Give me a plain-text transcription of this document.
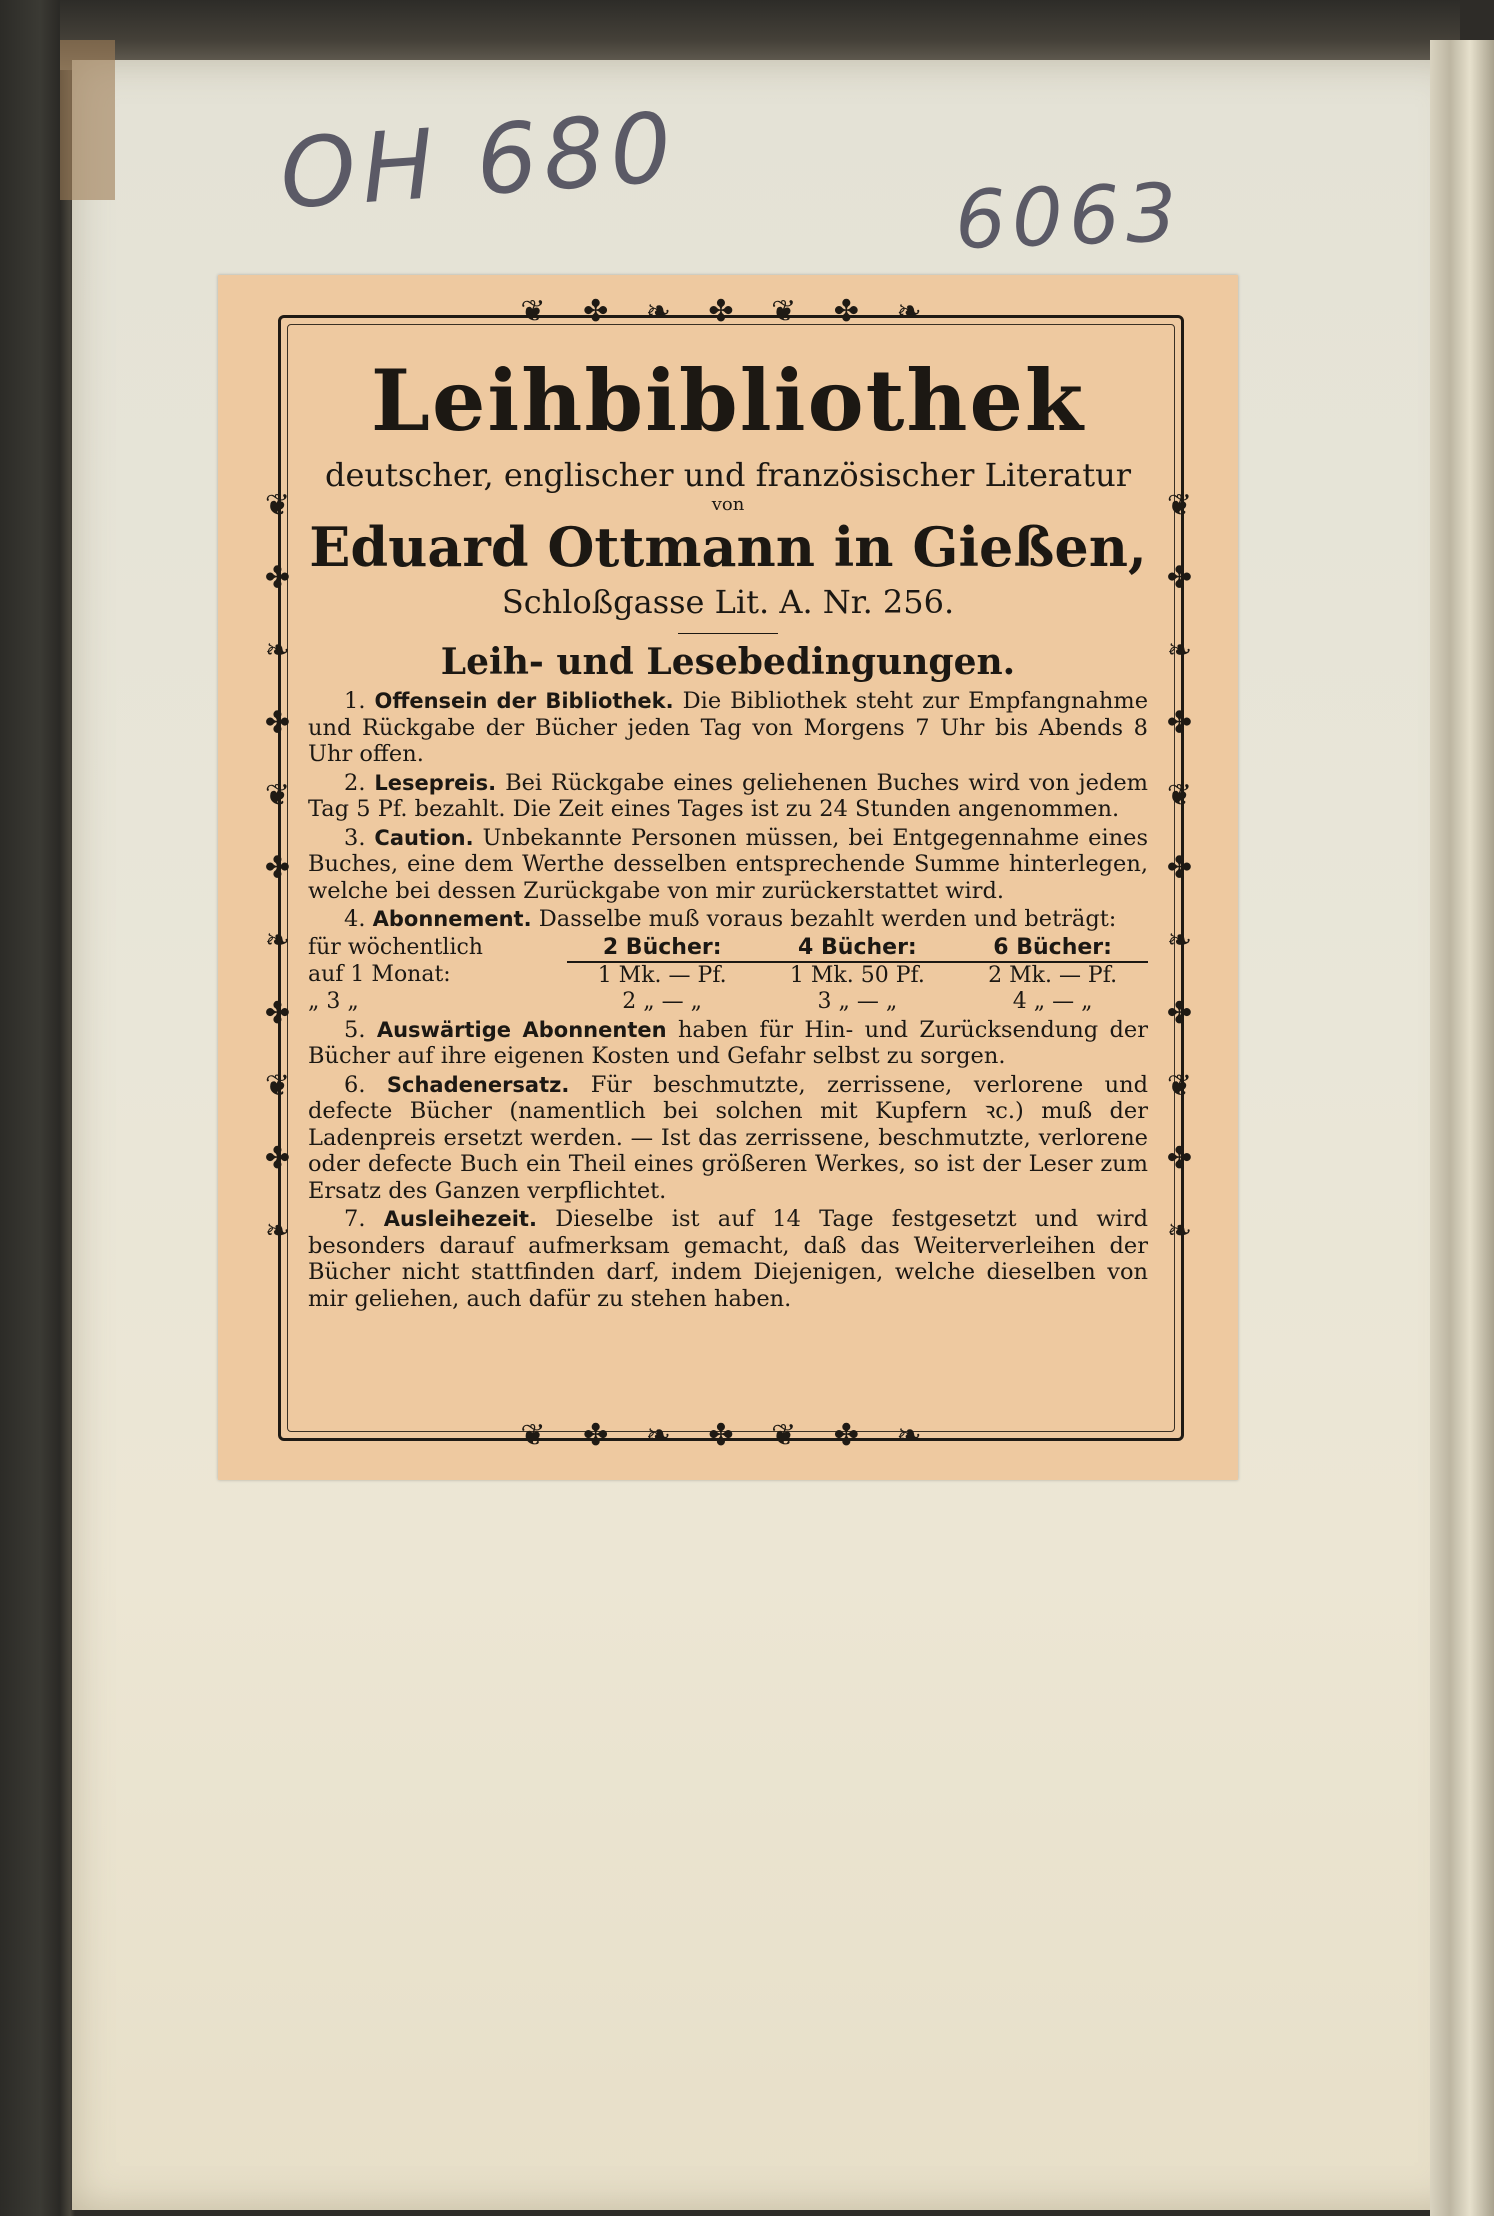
OH 680	6063
❦ ✤ ❧ ✤ ❦ ✤ ❧
❦ ✤ ❧ ✤ ❦ ✤ ❧
❦ ✤ ❧ ✤ ❦ ✤ ❧ ✤ ❦ ✤ ❧	❦ ✤ ❧ ✤ ❦ ✤ ❧ ✤ ❦ ✤ ❧
Leihbibliothek
deutscher, englischer und französischer Literatur
von
Eduard Ottmann in Gießen,
Schloßgasse Lit. A. Nr. 256.
Leih- und Lesebedingungen.

1. Offensein der Bibliothek. Die Bibliothek steht zur Empfangnahme und Rückgabe der Bücher jeden Tag von Morgens 7 Uhr bis Abends 8 Uhr offen.

2. Lesepreis. Bei Rückgabe eines geliehenen Buches wird von jedem Tag 5 Pf. bezahlt. Die Zeit eines Tages ist zu 24 Stunden angenommen.

3. Caution. Unbekannte Personen müssen, bei Entgegennahme eines Buches, eine dem Werthe desselben entsprechende Summe hinterlegen, welche bei dessen Zurückgabe von mir zurückerstattet wird.

4. Abonnement. Dasselbe muß voraus bezahlt werden und beträgt:

für wöchentlich	2 Bücher:	4 Bücher:	6 Bücher:
auf 1 Monat:	1 Mk. — Pf.	1 Mk. 50 Pf.	2 Mk. — Pf.
„ 3 „	2 „ — „	3 „ — „	4 „ — „

5. Auswärtige Abonnenten haben für Hin- und Zurücksendung der Bücher auf ihre eigenen Kosten und Gefahr selbst zu sorgen.

6. Schadenersatz. Für beschmutzte, zerrissene, verlorene und defecte Bücher (namentlich bei solchen mit Kupfern ꝛc.) muß der Ladenpreis ersetzt werden. — Ist das zerrissene, beschmutzte, verlorene oder defecte Buch ein Theil eines größeren Werkes, so ist der Leser zum Ersatz des Ganzen verpflichtet.

7. Ausleihezeit. Dieselbe ist auf 14 Tage festgesetzt und wird besonders darauf aufmerksam gemacht, daß das Weiterverleihen der Bücher nicht stattfinden darf, indem Diejenigen, welche dieselben von mir geliehen, auch dafür zu stehen haben.
